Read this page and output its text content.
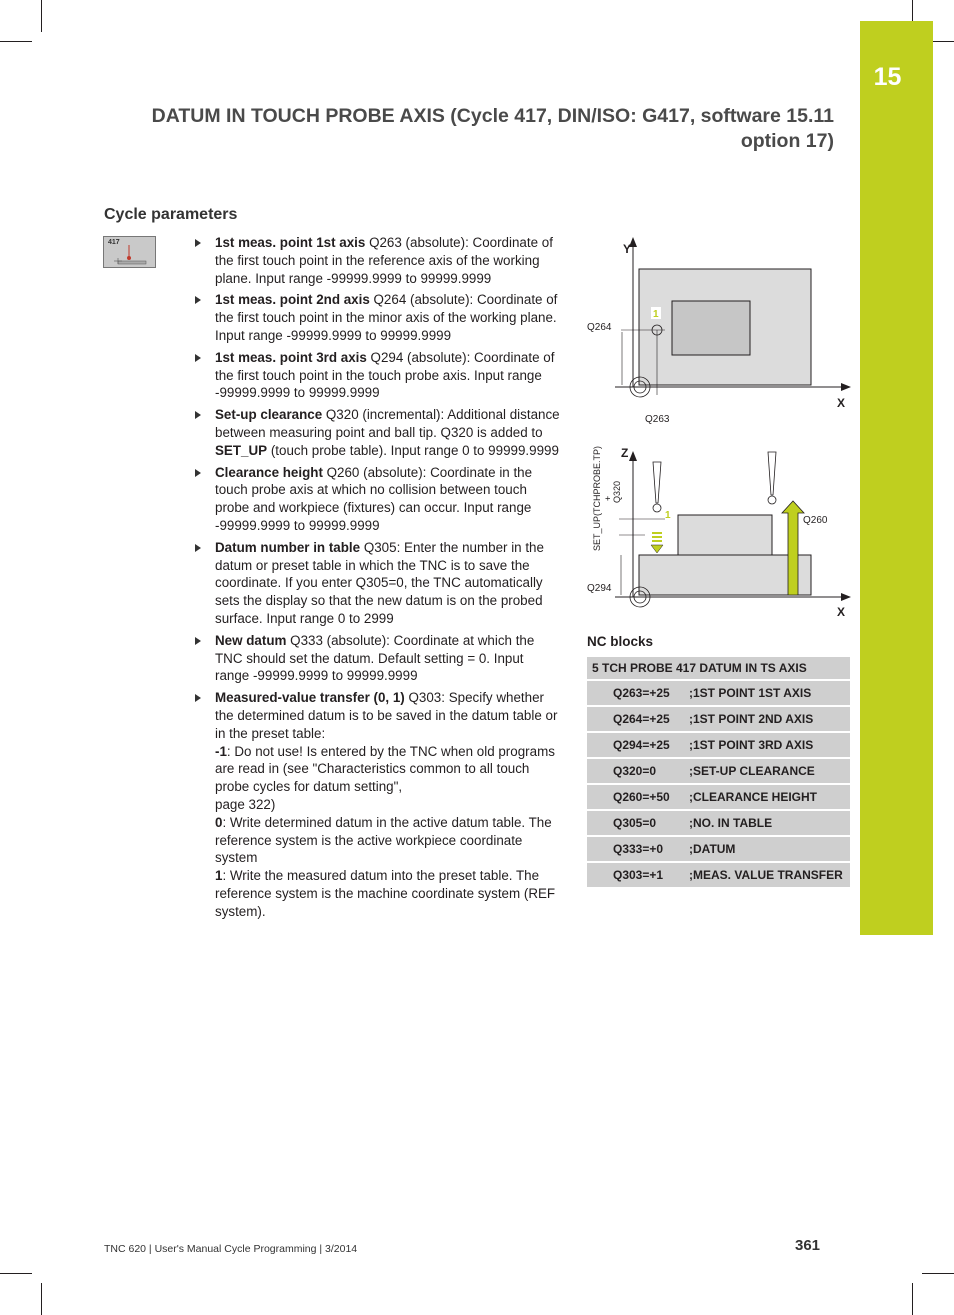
15
DATUM IN TOUCH PROBE AXIS (Cycle 417, DIN/ISO: G417, software 15.11
option 17)
Cycle parameters
417	1st meas. point 1st axis Q263 (absolute): Coordinate of the first touch point in the reference axis of the working plane. Input range -99999.9999 to 99999.9999
1st meas. point 2nd axis Q264 (absolute): Coordinate of the first touch point in the minor axis of the working plane. Input range -99999.9999 to 99999.9999
1st meas. point 3rd axis Q294 (absolute): Coordinate of the first touch point in the touch probe axis. Input range -99999.9999 to 99999.9999
Set-up clearance Q320 (incremental): Additional distance between measuring point and ball tip. Q320 is added to SET_UP (touch probe table). Input range 0 to 99999.9999
Clearance height Q260 (absolute): Coordinate in the touch probe axis at which no collision between touch probe and workpiece (fixtures) can occur. Input range -99999.9999 to 99999.9999
Datum number in table Q305: Enter the number in the datum or preset table in which the TNC is to save the coordinate. If you enter Q305=0, the TNC automatically sets the display so that the new datum is on the probed surface. Input range 0 to 2999
New datum Q333 (absolute): Coordinate at which the TNC should set the datum. Default setting = 0. Input range -99999.9999 to 99999.9999
Measured-value transfer (0, 1) Q303: Specify whether the determined datum is to be saved in the datum table or in the preset table:
-1: Do not use! Is entered by the TNC when old programs are read in (see "Characteristics common to all touch probe cycles for datum setting",
page 322)
0: Write determined datum in the active datum table. The reference system is the active workpiece coordinate system
1: Write the measured datum into the preset table. The reference system is the machine coordinate system (REF system).
Y
X
Q264
Q263
1
Z
X
SET_UP(TCHPROBE.TP) + Q320
Q260
Q294
1
NC blocks
5 TCH PROBE 417 DATUM IN TS AXIS	
Q263=+25	;1ST POINT 1ST AXIS
Q264=+25	;1ST POINT 2ND AXIS
Q294=+25	;1ST POINT 3RD AXIS
Q320=0	;SET-UP CLEARANCE
Q260=+50	;CLEARANCE HEIGHT
Q305=0	;NO. IN TABLE
Q333=+0	;DATUM
Q303=+1	;MEAS. VALUE TRANSFER
TNC 620 | User's Manual Cycle Programming | 3/2014	361
